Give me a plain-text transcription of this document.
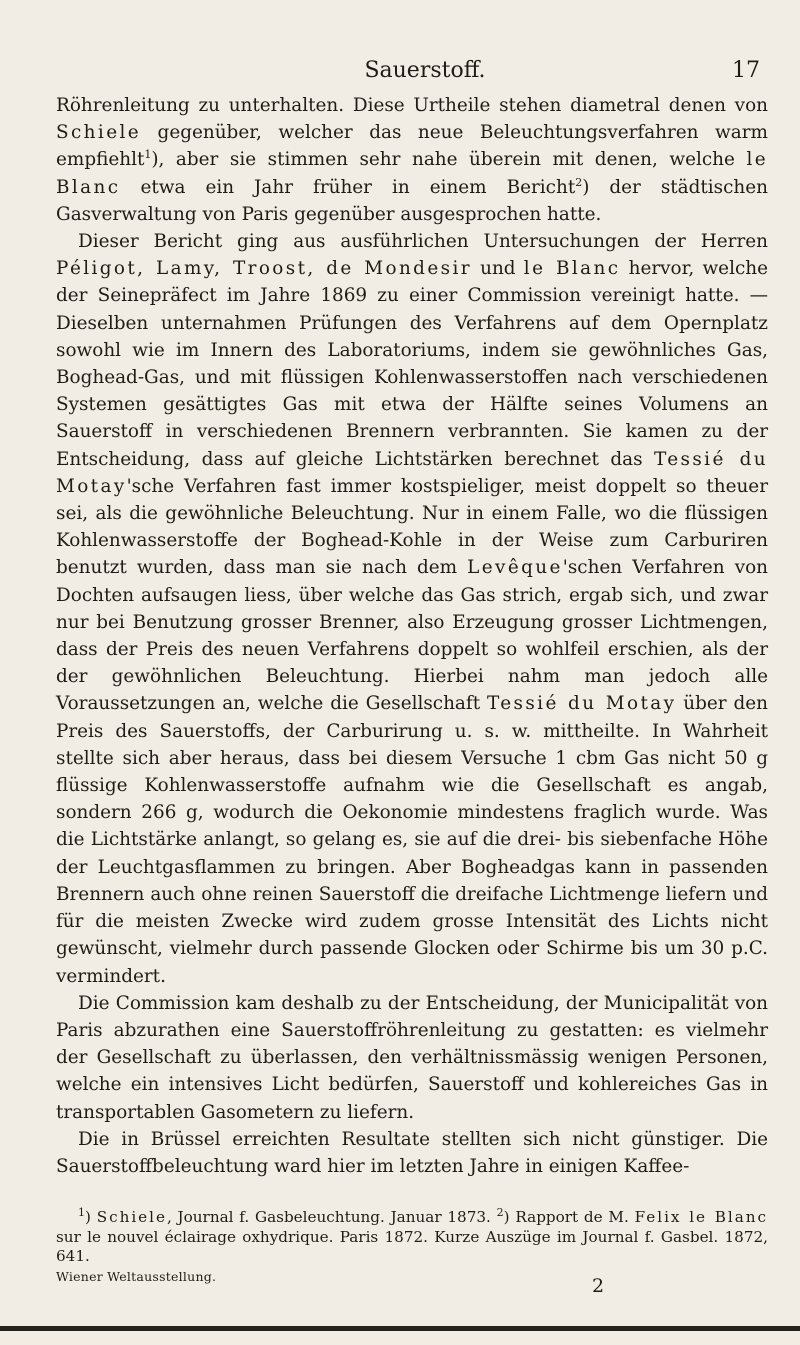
Sauerstoff.	17

Röhrenleitung zu unterhalten. Diese Urtheile stehen diametral denen von Schiele gegenüber, welcher das neue Beleuchtungsverfahren warm empfiehlt$^1$), aber sie stimmen sehr nahe überein mit denen, welche le Blanc etwa ein Jahr früher in einem Bericht$^2$) der städtischen Gasverwaltung von Paris gegenüber ausgesprochen hatte.

Dieser Bericht ging aus ausführlichen Untersuchungen der Herren Péligot, Lamy, Troost, de Mondesir und le Blanc hervor, welche der Seinepräfect im Jahre 1869 zu einer Commission vereinigt hatte. — Dieselben unternahmen Prüfungen des Verfahrens auf dem Opernplatz sowohl wie im Innern des Laboratoriums, indem sie gewöhnliches Gas, Boghead-Gas, und mit flüssigen Kohlenwasserstoffen nach verschiedenen Systemen gesättigtes Gas mit etwa der Hälfte seines Volumens an Sauerstoff in verschiedenen Brennern verbrannten. Sie kamen zu der Entscheidung, dass auf gleiche Lichtstärken berechnet das Tessié du Motay'sche Verfahren fast immer kostspieliger, meist doppelt so theuer sei, als die gewöhnliche Beleuchtung. Nur in einem Falle, wo die flüssigen Kohlenwasserstoffe der Boghead-Kohle in der Weise zum Carburiren benutzt wurden, dass man sie nach dem Levêque'schen Verfahren von Dochten aufsaugen liess, über welche das Gas strich, ergab sich, und zwar nur bei Benutzung grosser Brenner, also Erzeugung grosser Lichtmengen, dass der Preis des neuen Verfahrens doppelt so wohlfeil erschien, als der der gewöhnlichen Beleuchtung. Hierbei nahm man jedoch alle Voraussetzungen an, welche die Gesellschaft Tessié du Motay über den Preis des Sauerstoffs, der Carburirung u. s. w. mittheilte. In Wahrheit stellte sich aber heraus, dass bei diesem Versuche 1 cbm Gas nicht 50 g flüssige Kohlenwasserstoffe aufnahm wie die Gesellschaft es angab, sondern 266 g, wodurch die Oekonomie mindestens fraglich wurde. Was die Lichtstärke anlangt, so gelang es, sie auf die drei- bis siebenfache Höhe der Leuchtgasflammen zu bringen. Aber Bogheadgas kann in passenden Brennern auch ohne reinen Sauerstoff die dreifache Lichtmenge liefern und für die meisten Zwecke wird zudem grosse Intensität des Lichts nicht gewünscht, vielmehr durch passende Glocken oder Schirme bis um 30 p.C. vermindert.

Die Commission kam deshalb zu der Entscheidung, der Municipalität von Paris abzurathen eine Sauerstoffröhrenleitung zu gestatten: es vielmehr der Gesellschaft zu überlassen, den verhältnissmässig wenigen Personen, welche ein intensives Licht bedürfen, Sauerstoff und kohlereiches Gas in transportablen Gasometern zu liefern.

Die in Brüssel erreichten Resultate stellten sich nicht günstiger. Die Sauerstoffbeleuchtung ward hier im letzten Jahre in einigen Kaffee-

$^1$) Schiele, Journal f. Gasbeleuchtung. Januar 1873. $^2$) Rapport de M. Felix le Blanc sur le nouvel éclairage oxhydrique. Paris 1872. Kurze Auszüge im Journal f. Gasbel. 1872, 641.

Wiener Weltausstellung.	2
